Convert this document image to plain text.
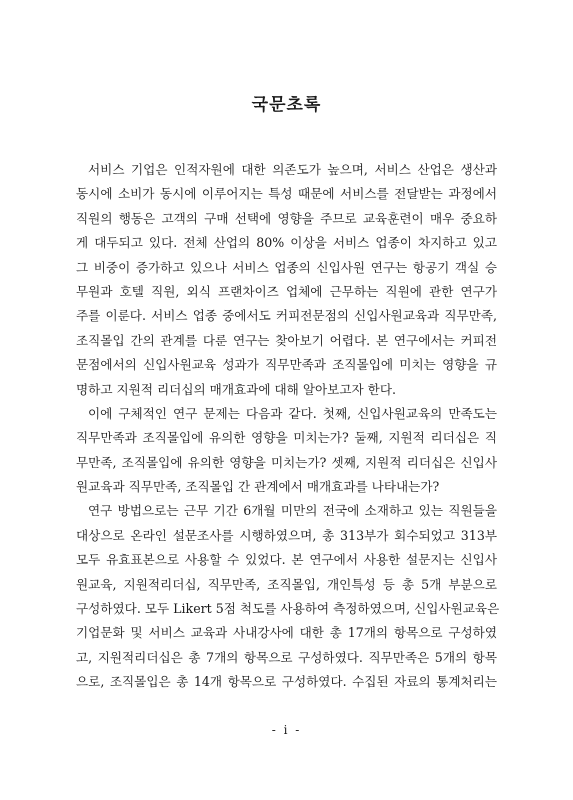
국문초록
서비스 기업은 인적자원에 대한 의존도가 높으며, 서비스 산업은 생산과
동시에 소비가 동시에 이루어지는 특성 때문에 서비스를 전달받는 과정에서
직원의 행동은 고객의 구매 선택에 영향을 주므로 교육훈련이 매우 중요하
게 대두되고 있다. 전체 산업의 80% 이상을 서비스 업종이 차지하고 있고
그 비중이 증가하고 있으나 서비스 업종의 신입사원 연구는 항공기 객실 승
무원과 호텔 직원, 외식 프랜차이즈 업체에 근무하는 직원에 관한 연구가
주를 이룬다. 서비스 업종 중에서도 커피전문점의 신입사원교육과 직무만족,
조직몰입 간의 관계를 다룬 연구는 찾아보기 어렵다. 본 연구에서는 커피전
문점에서의 신입사원교육 성과가 직무만족과 조직몰입에 미치는 영향을 규
명하고 지원적 리더십의 매개효과에 대해 알아보고자 한다.
이에 구체적인 연구 문제는 다음과 같다. 첫째, 신입사원교육의 만족도는
직무만족과 조직몰입에 유의한 영향을 미치는가? 둘째, 지원적 리더십은 직
무만족, 조직몰입에 유의한 영향을 미치는가? 셋째, 지원적 리더십은 신입사
원교육과 직무만족, 조직몰입 간 관계에서 매개효과를 나타내는가?
연구 방법으로는 근무 기간 6개월 미만의 전국에 소재하고 있는 직원들을
대상으로 온라인 설문조사를 시행하였으며, 총 313부가 회수되었고 313부
모두 유효표본으로 사용할 수 있었다. 본 연구에서 사용한 설문지는 신입사
원교육, 지원적리더십, 직무만족, 조직몰입, 개인특성 등 총 5개 부분으로
구성하였다. 모두 Likert 5점 척도를 사용하여 측정하였으며, 신입사원교육은
기업문화 및 서비스 교육과 사내강사에 대한 총 17개의 항목으로 구성하였
고, 지원적리더십은 총 7개의 항목으로 구성하였다. 직무만족은 5개의 항목
으로, 조직몰입은 총 14개 항목으로 구성하였다. 수집된 자료의 통계처리는
- i -
